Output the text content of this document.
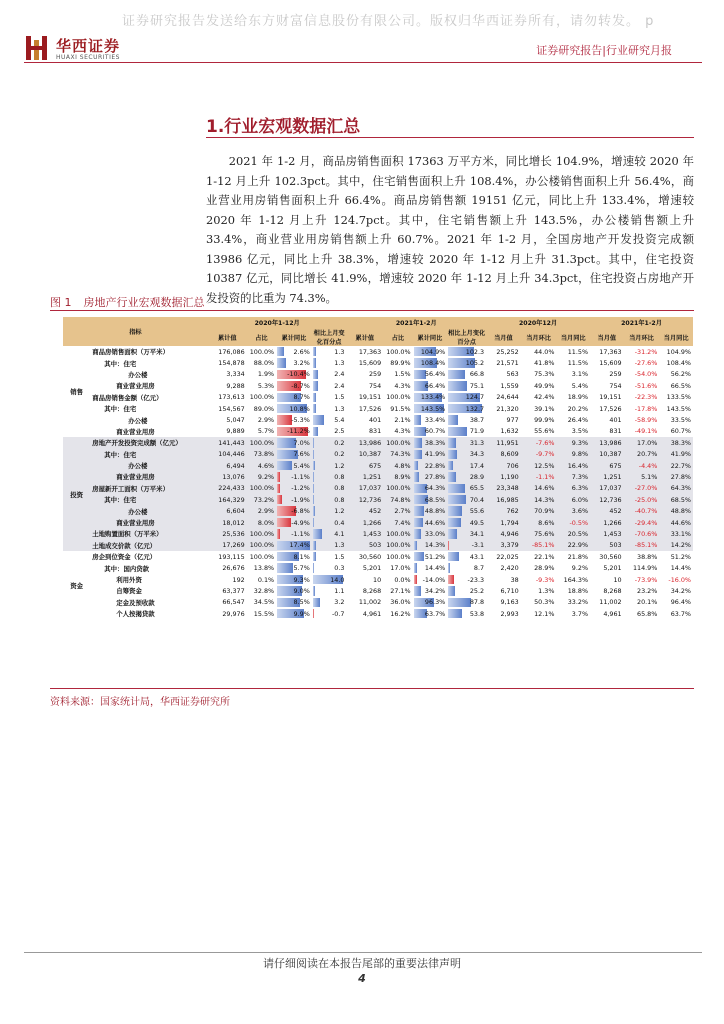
证券研究报告发送给东方财富信息股份有限公司。版权归华西证券所有，请勿转发。 p
华西证券
HUAXI SECURITIES
证券研究报告|行业研究月报
1.行业宏观数据汇总
2021 年 1-2 月，商品房销售面积 17363 万平方米，同比增长 104.9%，增速较 2020 年 1-12 月上升 102.3pct。其中，住宅销售面积上升 108.4%，办公楼销售面积上升 56.4%，商业营业用房销售面积上升 66.4%。商品房销售额 19151 亿元，同比上升 133.4%，增速较 2020 年 1-12 月上升 124.7pct。其中，住宅销售额上升 143.5%，办公楼销售额上升 33.4%，商业营业用房销售额上升 60.7%。2021 年 1-2 月，全国房地产开发投资完成额 13986 亿元，同比上升 38.3%，增速较 2020 年 1-12 月上升 31.3pct。其中，住宅投资 10387 亿元，同比增长 41.9%，增速较 2020 年 1-12 月上升 34.3pct，住宅投资占房地产开发投资的比重为 74.3%。
图 1 房地产行业宏观数据汇总
指标		2020年1-12月				2021年1-2月				2020年12月			2021年1-2月		
		累计值	占比	累计同比	相比上月变化百分点	累计值	占比	累计同比	相比上月变化百分点	当月值	当月环比	当月同比	当月值	当月环比	当月同比
销售	商品房销售面积（万平米）	176,086	100.0%	2.6%	1.3	17,363	100.0%	104.9%	102.3	25,252	44.0%	11.5%	17,363	-31.2%	104.9%
	其中：住宅	154,878	88.0%	3.2%	1.3	15,609	89.9%	108.4%	105.2	21,571	41.8%	11.5%	15,609	-27.6%	108.4%
	办公楼	3,334	1.9%	-10.4%	2.4	259	1.5%	56.4%	66.8	563	75.3%	3.1%	259	-54.0%	56.2%
	商业营业用房	9,288	5.3%	-8.7%	2.4	754	4.3%	66.4%	75.1	1,559	49.9%	5.4%	754	-51.6%	66.5%
	商品房销售金额（亿元）	173,613	100.0%	8.7%	1.5	19,151	100.0%	133.4%	124.7	24,644	42.4%	18.9%	19,151	-22.3%	133.5%
	其中：住宅	154,567	89.0%	10.8%	1.3	17,526	91.5%	143.5%	132.7	21,320	39.1%	20.2%	17,526	-17.8%	143.5%
	办公楼	5,047	2.9%	-5.3%	5.4	401	2.1%	33.4%	38.7	977	99.9%	26.4%	401	-58.9%	33.5%
	商业营业用房	9,889	5.7%	-11.2%	2.5	831	4.3%	60.7%	71.9	1,632	55.6%	3.5%	831	-49.1%	60.7%
投资	房地产开发投资完成额（亿元）	141,443	100.0%	7.0%	0.2	13,986	100.0%	38.3%	31.3	11,951	-7.6%	9.3%	13,986	17.0%	38.3%
	其中：住宅	104,446	73.8%	7.6%	0.2	10,387	74.3%	41.9%	34.3	8,609	-9.7%	9.8%	10,387	20.7%	41.9%
	办公楼	6,494	4.6%	5.4%	1.2	675	4.8%	22.8%	17.4	706	12.5%	16.4%	675	-4.4%	22.7%
	商业营业用房	13,076	9.2%	-1.1%	0.8	1,251	8.9%	27.8%	28.9	1,190	-1.1%	7.3%	1,251	5.1%	27.8%
	房屋新开工面积（万平米）	224,433	100.0%	-1.2%	0.8	17,037	100.0%	64.3%	65.5	23,348	14.6%	6.3%	17,037	-27.0%	64.3%
	其中：住宅	164,329	73.2%	-1.9%	0.8	12,736	74.8%	68.5%	70.4	16,985	14.3%	6.0%	12,736	-25.0%	68.5%
	办公楼	6,604	2.9%	-6.8%	1.2	452	2.7%	48.8%	55.6	762	70.9%	3.6%	452	-40.7%	48.8%
	商业营业用房	18,012	8.0%	-4.9%	0.4	1,266	7.4%	44.6%	49.5	1,794	8.6%	-0.5%	1,266	-29.4%	44.6%
	土地购置面积（万平米）	25,536	100.0%	-1.1%	4.1	1,453	100.0%	33.0%	34.1	4,946	75.6%	20.5%	1,453	-70.6%	33.1%
	土地成交价款（亿元）	17,269	100.0%	17.4%	1.3	503	100.0%	14.3%	-3.1	3,379	-85.1%	22.9%	503	-85.1%	14.2%
资金	房企到位资金（亿元）	193,115	100.0%	8.1%	1.5	30,560	100.0%	51.2%	43.1	22,025	22.1%	21.8%	30,560	38.8%	51.2%
	其中：国内贷款	26,676	13.8%	5.7%	0.3	5,201	17.0%	14.4%	8.7	2,420	28.9%	9.2%	5,201	114.9%	14.4%
	利用外资	192	0.1%	9.3%	14.0	10	0.0%	-14.0%	-23.3	38	-9.3%	164.3%	10	-73.9%	-16.0%
	自筹资金	63,377	32.8%	9.0%	1.1	8,268	27.1%	34.2%	25.2	6,710	1.3%	18.8%	8,268	23.2%	34.2%
	定金及预收款	66,547	34.5%	8.5%	3.2	11,002	36.0%	96.3%	87.8	9,163	50.3%	33.2%	11,002	20.1%	96.4%
	个人按揭贷款	29,976	15.5%	9.9%	-0.7	4,961	16.2%	63.7%	53.8	2,993	12.1%	3.7%	4,961	65.8%	63.7%
资料来源：国家统计局，华西证券研究所
请仔细阅读在本报告尾部的重要法律声明
4
